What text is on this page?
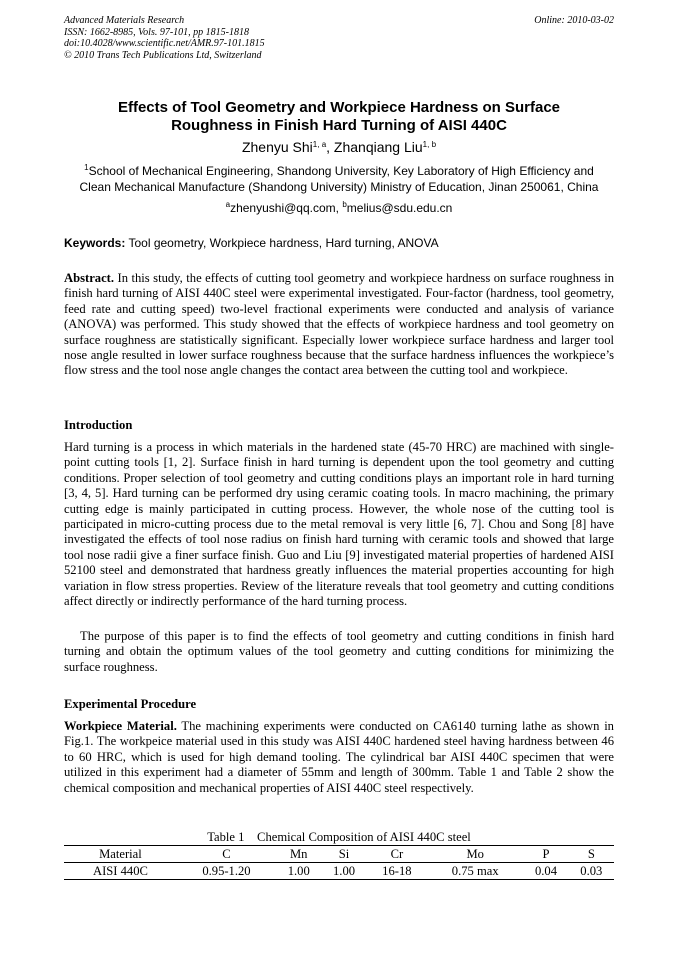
Advanced Materials Research
ISSN: 1662-8985, Vols. 97-101, pp 1815-1818
doi:10.4028/www.scientific.net/AMR.97-101.1815
© 2010 Trans Tech Publications Ltd, Switzerland
Online: 2010-03-02
Effects of Tool Geometry and Workpiece Hardness on Surface
Roughness in Finish Hard Turning of AISI 440C
Zhenyu Shi$^{1, a}$, Zhanqiang Liu$^{1, b}$
$^1$School of Mechanical Engineering, Shandong University, Key Laboratory of High Efficiency and
Clean Mechanical Manufacture (Shandong University) Ministry of Education, Jinan 250061, China
$^a$zhenyushi@qq.com, $^b$melius@sdu.edu.cn
Keywords: Tool geometry, Workpiece hardness, Hard turning, ANOVA
Abstract. In this study, the effects of cutting tool geometry and workpiece hardness on surface roughness in finish hard turning of AISI 440C steel were experimental investigated. Four-factor (hardness, tool geometry, feed rate and cutting speed) two-level fractional experiments were conducted and analysis of variance (ANOVA) was performed. This study showed that the effects of workpiece hardness and tool geometry on surface roughness are statistically significant. Especially lower workpiece surface hardness and larger tool nose angle resulted in lower surface roughness because that the surface hardness influences the workpiece’s flow stress and the tool nose angle changes the contact area between the cutting tool and workpiece.
Introduction
Hard turning is a process in which materials in the hardened state (45-70 HRC) are machined with single-point cutting tools [1, 2]. Surface finish in hard turning is dependent upon the tool geometry and cutting conditions. Proper selection of tool geometry and cutting conditions plays an important role in hard turning [3, 4, 5]. Hard turning can be performed dry using ceramic coating tools. In macro machining, the primary cutting edge is mainly participated in cutting process. However, the whole nose of the cutting tool is participated in micro-cutting process due to the metal removal is very little [6, 7]. Chou and Song [8] have investigated the effects of tool nose radius on finish hard turning with ceramic tools and showed that large tool nose radii give a finer surface finish. Guo and Liu [9] investigated material properties of hardened AISI 52100 steel and demonstrated that hardness greatly influences the material properties accounting for high variation in flow stress properties. Review of the literature reveals that tool geometry and cutting conditions affect directly or indirectly performance of the hard turning process.
The purpose of this paper is to find the effects of tool geometry and cutting conditions in finish hard turning and obtain the optimum values of the tool geometry and cutting conditions for minimizing the surface roughness.
Experimental Procedure
Workpiece Material. The machining experiments were conducted on CA6140 turning lathe as shown in Fig.1. The workpeice material used in this study was AISI 440C hardened steel having hardness between 46 to 60 HRC, which is used for high demand tooling. The cylindrical bar AISI 440C specimen that were utilized in this experiment had a diameter of 55mm and length of 300mm. Table 1 and Table 2 show the chemical composition and mechanical properties of AISI 440C steel respectively.
Table 1    Chemical Composition of AISI 440C steel
Material	C	Mn	Si	Cr	Mo	P	S
AISI 440C	0.95-1.20	1.00	1.00	16-18	0.75 max	0.04	0.03
